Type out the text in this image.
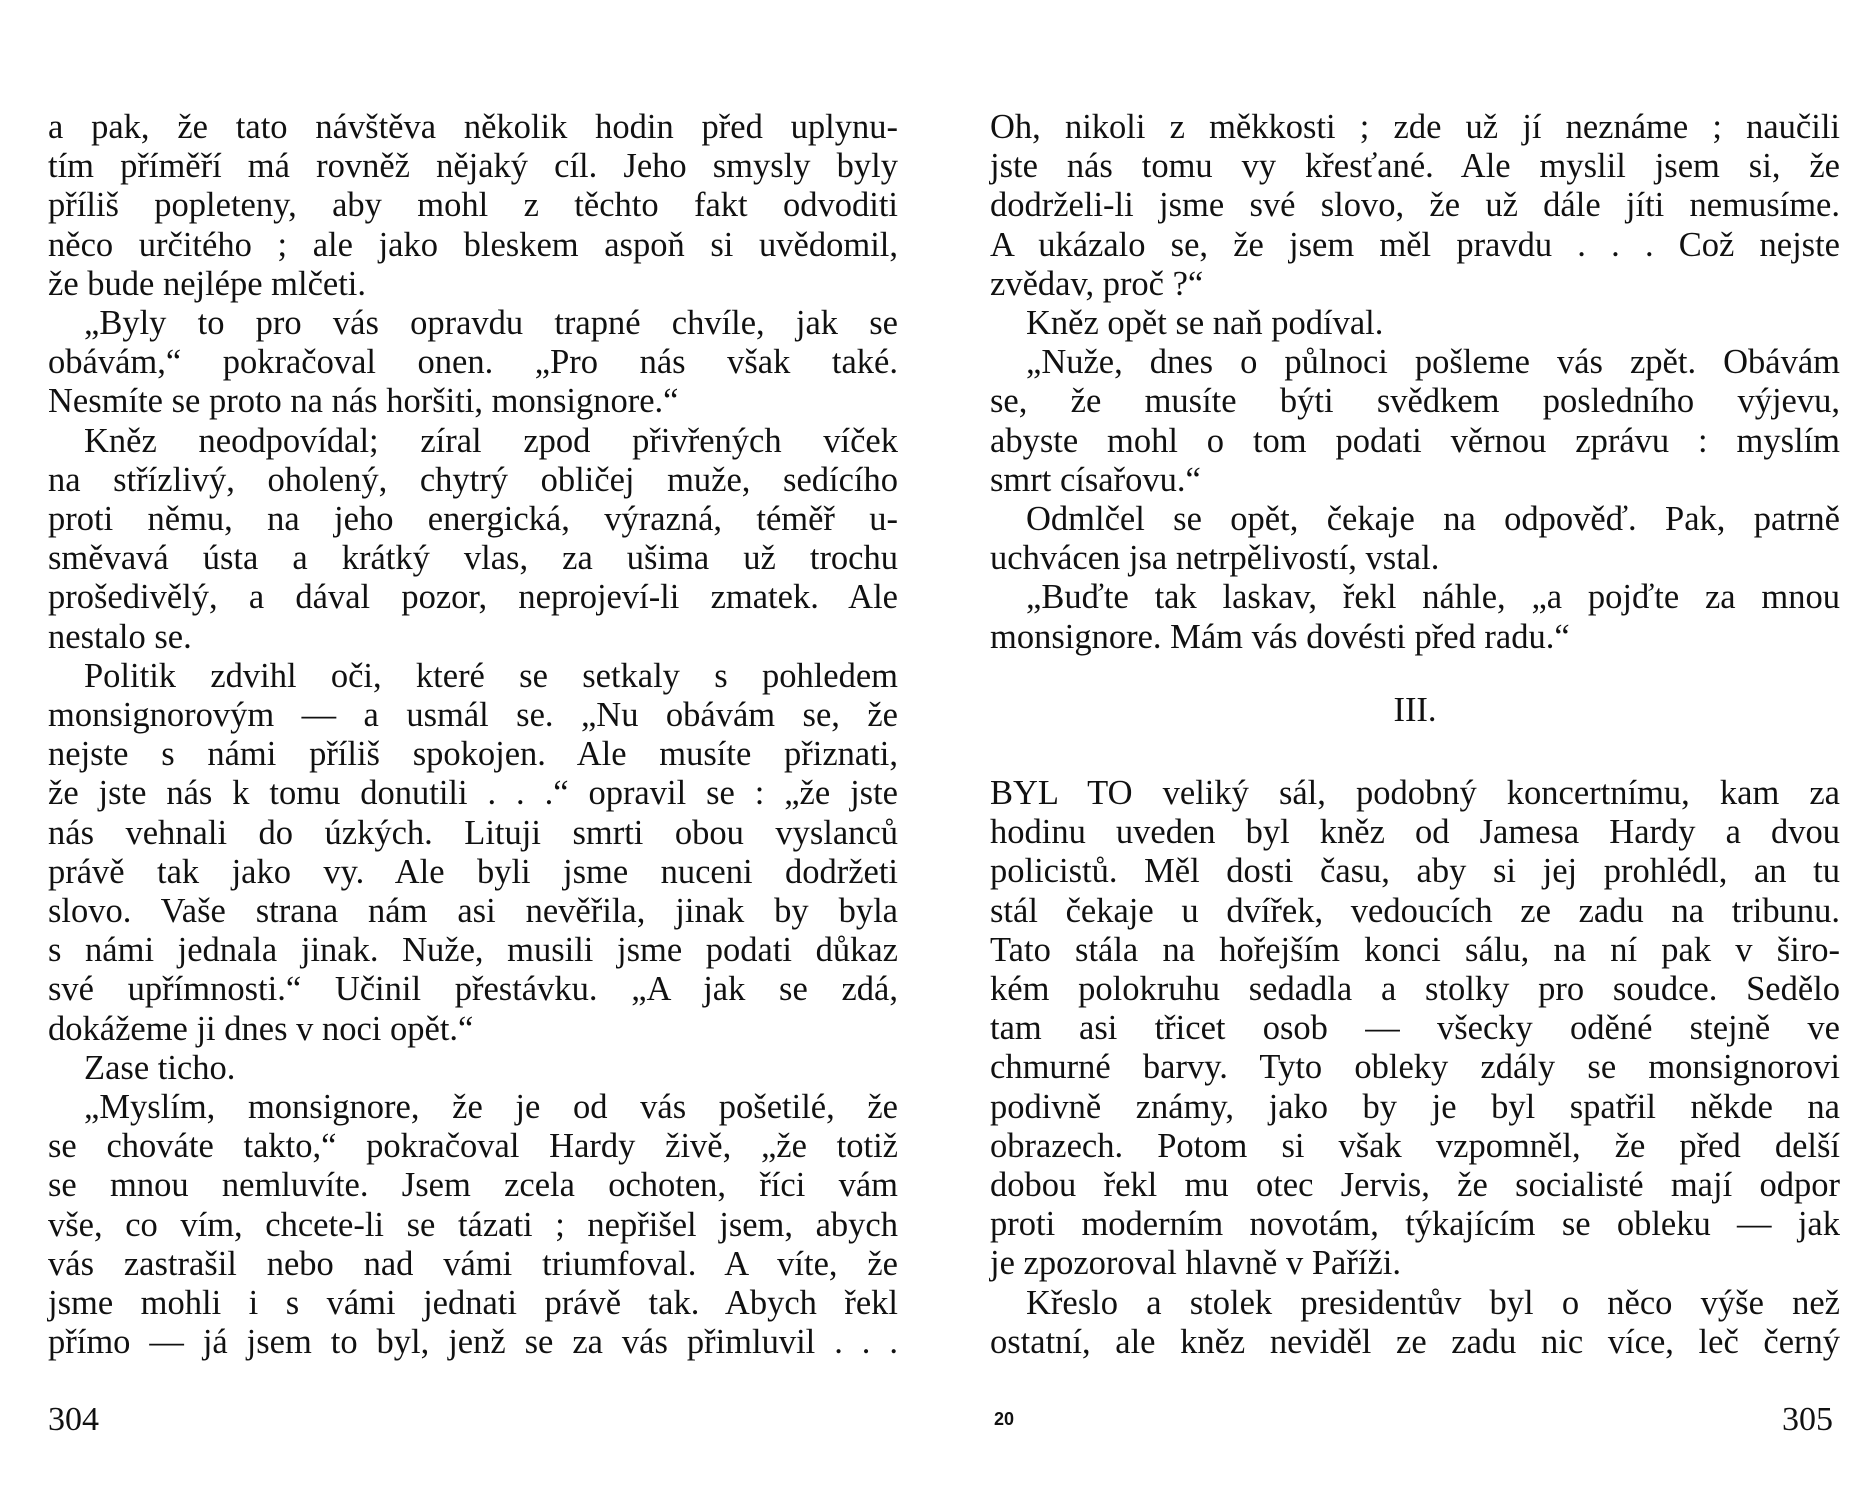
a pak, že tato návštěva několik hodin před uplynu-
tím příměří má rovněž nějaký cíl. Jeho smysly byly
příliš popleteny, aby mohl z těchto fakt odvoditi
něco určitého ; ale jako bleskem aspoň si uvědomil,
že bude nejlépe mlčeti.
„Byly to pro vás opravdu trapné chvíle, jak se
obávám,“ pokračoval onen. „Pro nás však také.
Nesmíte se proto na nás horšiti, monsignore.“
Kněz neodpovídal; zíral zpod přivřených víček
na střízlivý, oholený, chytrý obličej muže, sedícího
proti němu, na jeho energická, výrazná, téměř u-
směvavá ústa a krátký vlas, za ušima už trochu
prošedivělý, a dával pozor, neprojeví-li zmatek. Ale
nestalo se.
Politik zdvihl oči, které se setkaly s pohledem
monsignorovým — a usmál se. „Nu obávám se, že
nejste s námi příliš spokojen. Ale musíte přiznati,
že jste nás k tomu donutili . . .“ opravil se : „že jste
nás vehnali do úzkých. Lituji smrti obou vyslanců
právě tak jako vy. Ale byli jsme nuceni dodržeti
slovo. Vaše strana nám asi nevěřila, jinak by byla
s námi jednala jinak. Nuže, musili jsme podati důkaz
své upřímnosti.“ Učinil přestávku. „A jak se zdá,
dokážeme ji dnes v noci opět.“
Zase ticho.
„Myslím, monsignore, že je od vás pošetilé, že
se chováte takto,“ pokračoval Hardy živě, „že totiž
se mnou nemluvíte. Jsem zcela ochoten, říci vám
vše, co vím, chcete-li se tázati ; nepřišel jsem, abych
vás zastrašil nebo nad vámi triumfoval. A víte, že
jsme mohli i s vámi jednati právě tak. Abych řekl
přímo — já jsem to byl, jenž se za vás přimluvil . . .
Oh, nikoli z měkkosti ; zde už jí neznáme ; naučili
jste nás tomu vy křesťané. Ale myslil jsem si, že
dodrželi-li jsme své slovo, že už dále jíti nemusíme.
A ukázalo se, že jsem měl pravdu . . . Což nejste
zvědav, proč ?“
Kněz opět se naň podíval.
„Nuže, dnes o půlnoci pošleme vás zpět. Obávám
se, že musíte býti svědkem posledního výjevu,
abyste mohl o tom podati věrnou zprávu : myslím
smrt císařovu.“
Odmlčel se opět, čekaje na odpověď. Pak, patrně
uchvácen jsa netrpělivostí, vstal.
„Buďte tak laskav, řekl náhle, „a pojďte za mnou
monsignore. Mám vás dovésti před radu.“
III.
BYL TO veliký sál, podobný koncertnímu, kam za
hodinu uveden byl kněz od Jamesa Hardy a dvou
policistů. Měl dosti času, aby si jej prohlédl, an tu
stál čekaje u dvířek, vedoucích ze zadu na tribunu.
Tato stála na hořejším konci sálu, na ní pak v širo-
kém polokruhu sedadla a stolky pro soudce. Sedělo
tam asi třicet osob — všecky oděné stejně ve
chmurné barvy. Tyto obleky zdály se monsignorovi
podivně známy, jako by je byl spatřil někde na
obrazech. Potom si však vzpomněl, že před delší
dobou řekl mu otec Jervis, že socialisté mají odpor
proti moderním novotám, týkajícím se obleku — jak
je zpozoroval hlavně v Paříži.
Křeslo a stolek presidentův byl o něco výše než
ostatní, ale kněz neviděl ze zadu nic více, leč černý
304	20	305
